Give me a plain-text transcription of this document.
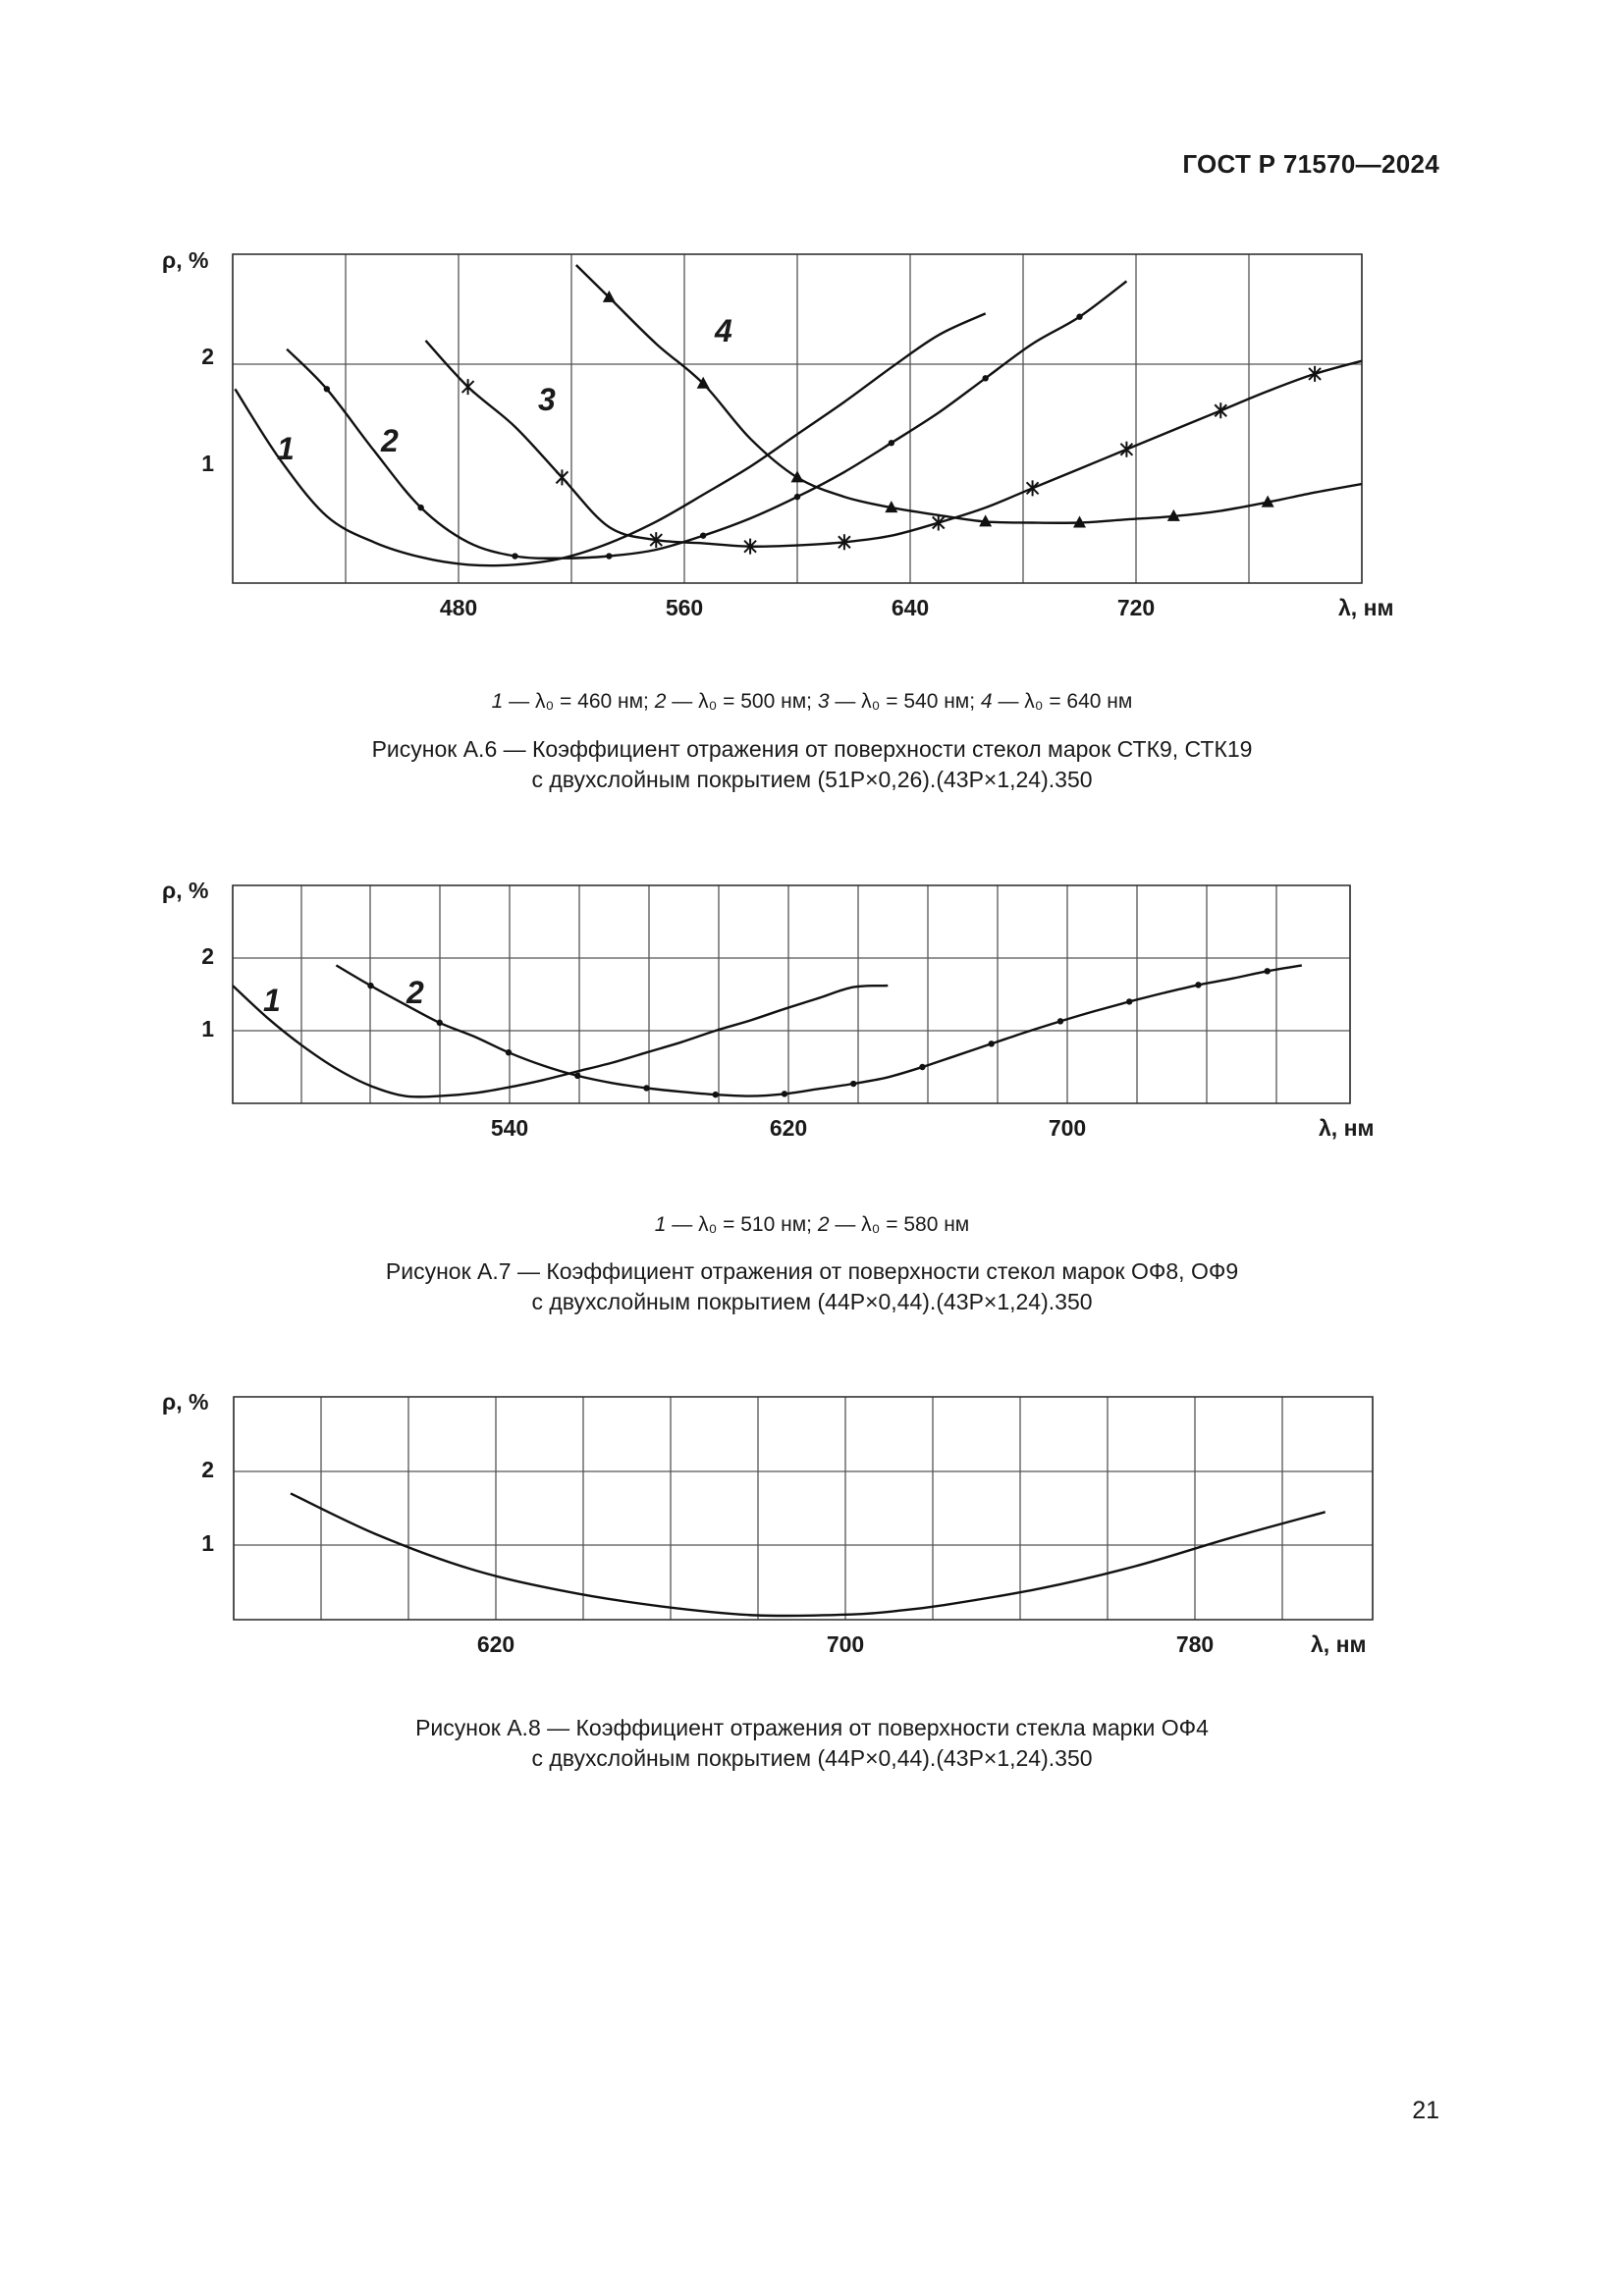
ГОСТ Р 71570—2024
480	560	640	720
1
2
ρ, %
λ, нм
1	2
3
4
1 — λ₀ = 460 нм; 2 — λ₀ = 500 нм; 3 — λ₀ = 540 нм; 4 — λ₀ = 640 нм
Рисунок А.6 — Коэффициент отражения от поверхности стекол марок СТК9, СТК19
с двухслойным покрытием (51Р×0,26).(43Р×1,24).350
540	620	700
1
2
ρ, %
λ, нм
1	2
1 — λ₀ = 510 нм; 2 — λ₀ = 580 нм
Рисунок А.7 — Коэффициент отражения от поверхности стекол марок ОФ8, ОФ9
с двухслойным покрытием (44Р×0,44).(43Р×1,24).350
620	700	780
1
2
ρ, %
λ, нм
Рисунок А.8 — Коэффициент отражения от поверхности стекла марки ОФ4
с двухслойным покрытием (44Р×0,44).(43Р×1,24).350
21
